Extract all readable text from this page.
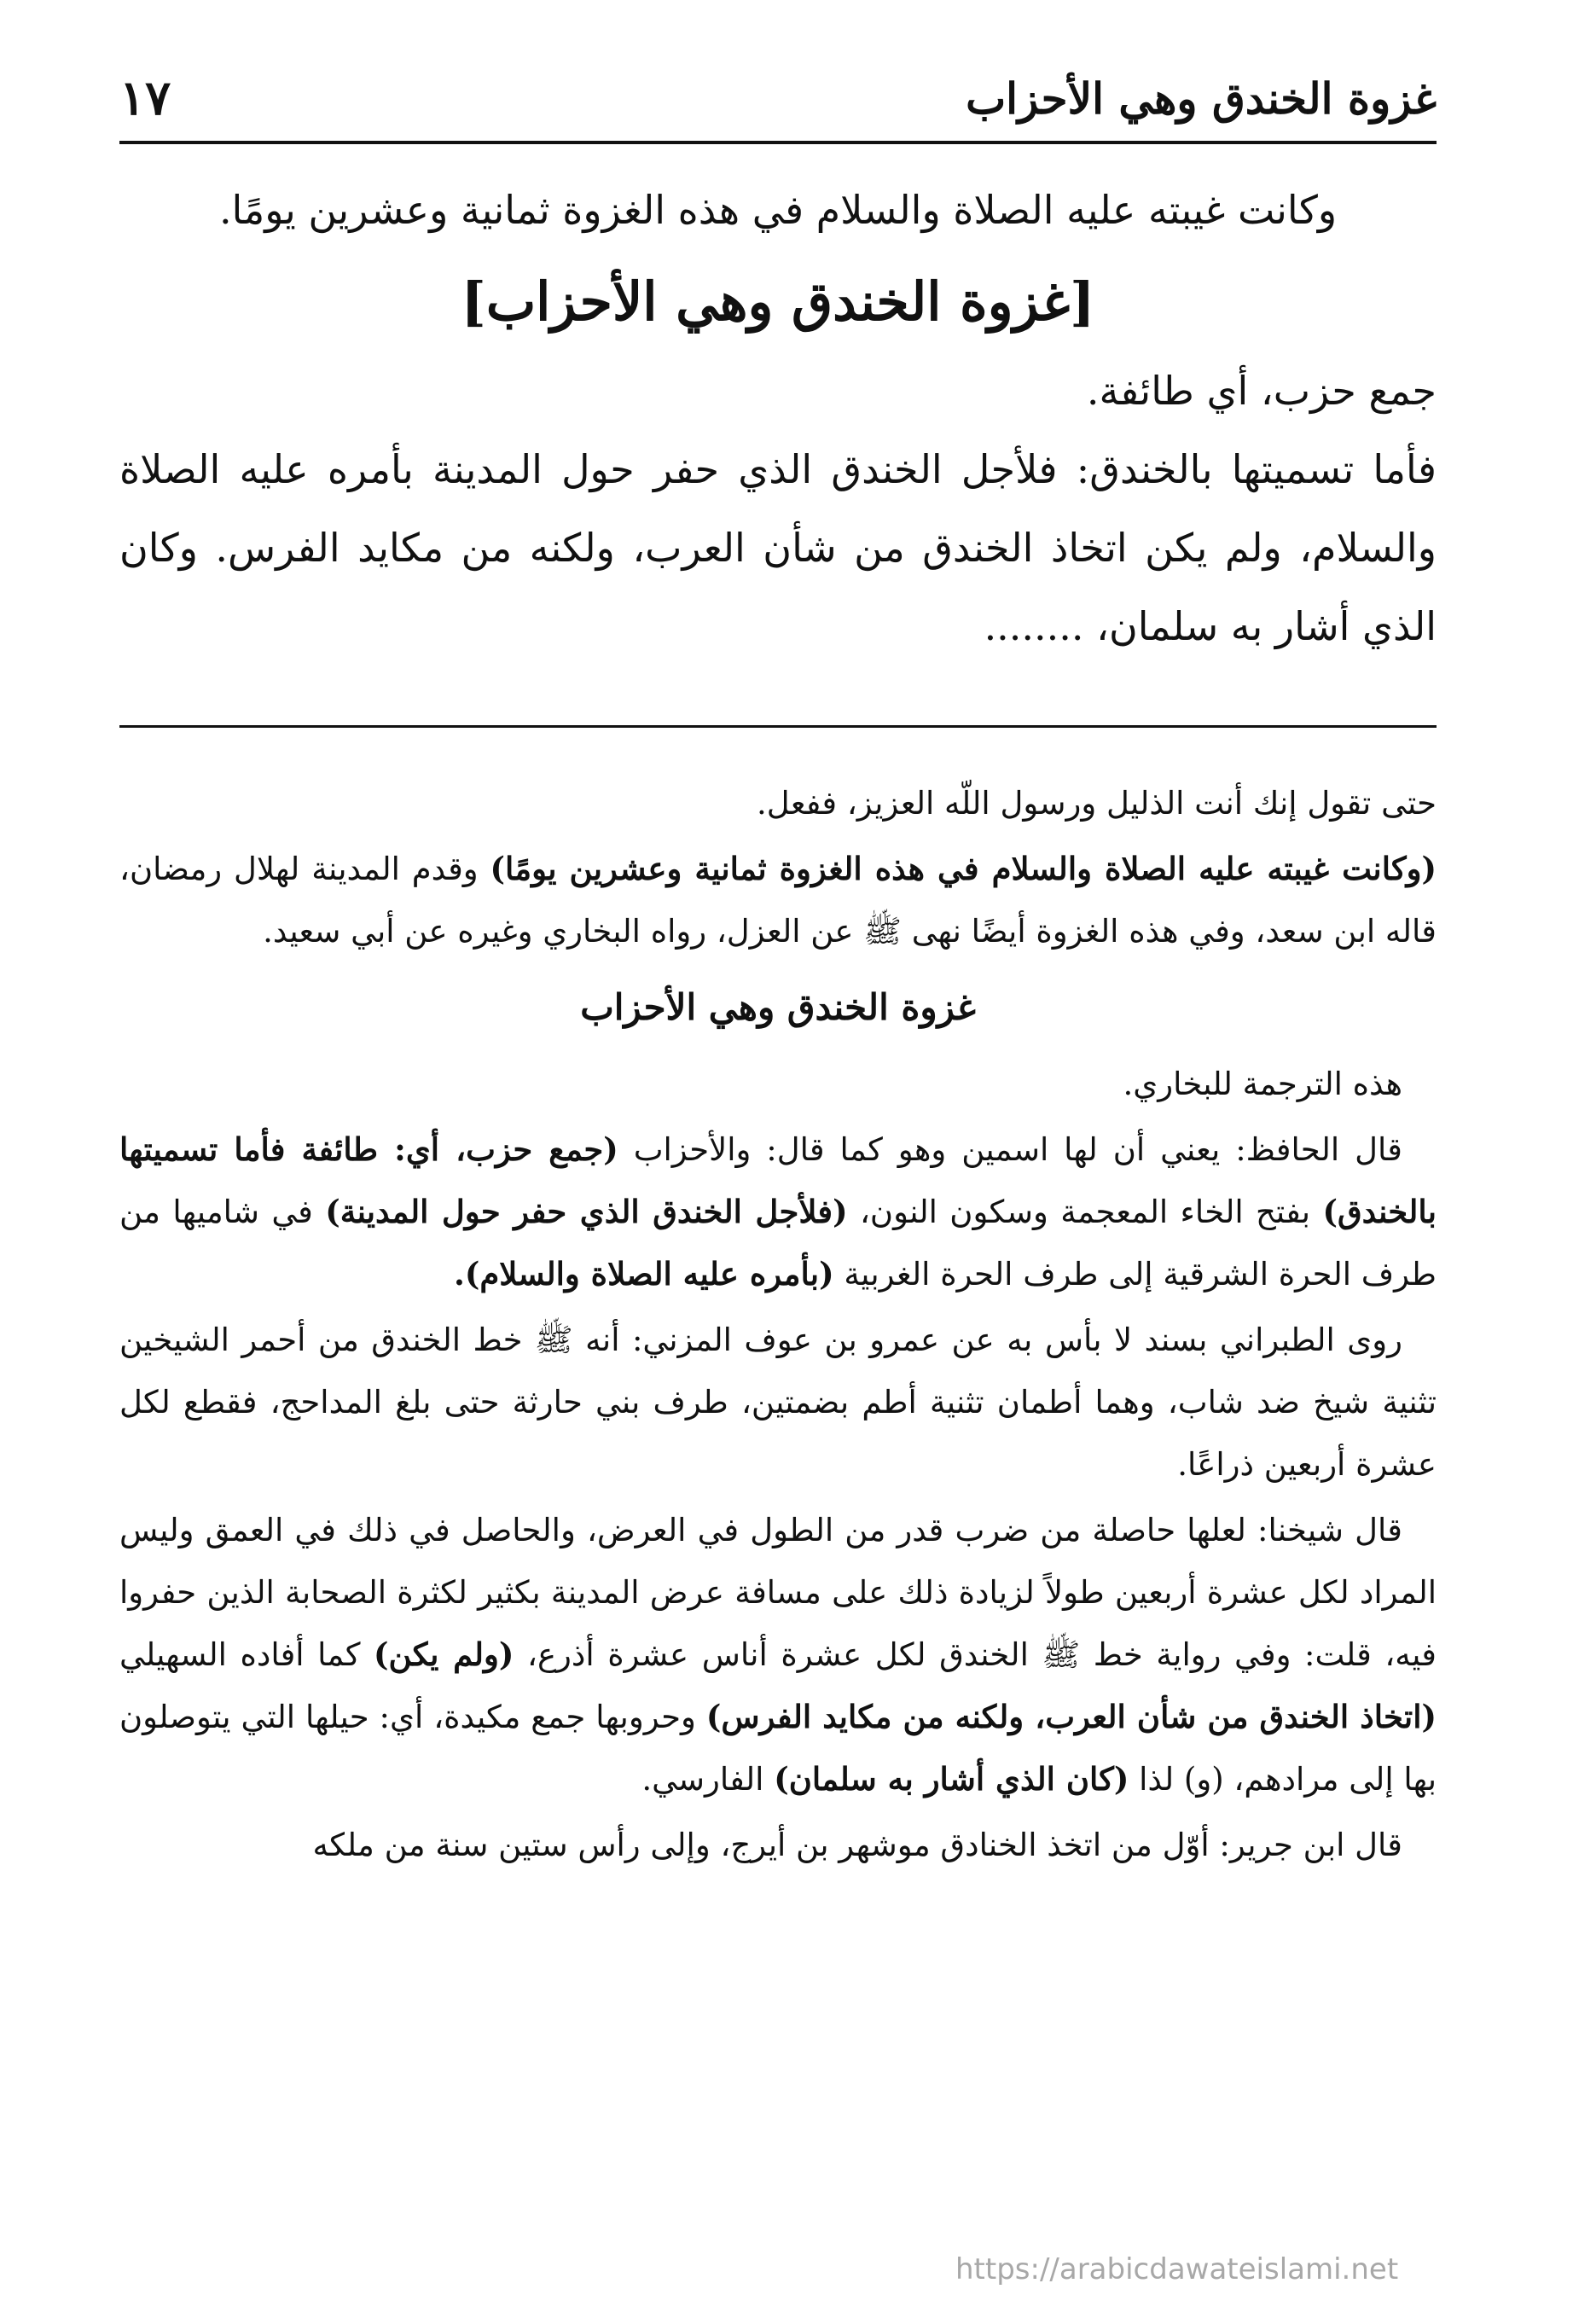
١٧	غزوة الخندق وهي الأحزاب

وكانت غيبته عليه الصلاة والسلام في هذه الغزوة ثمانية وعشرين يومًا.

[غزوة الخندق وهي الأحزاب]

جمع حزب، أي طائفة.

فأما تسميتها بالخندق: فلأجل الخندق الذي حفر حول المدينة بأمره عليه الصلاة والسلام، ولم يكن اتخاذ الخندق من شأن العرب، ولكنه من مكايد الفرس. وكان الذي أشار به سلمان، ........

حتى تقول إنك أنت الذليل ورسول اللّه العزيز، ففعل.

(وكانت غيبته عليه الصلاة والسلام في هذه الغزوة ثمانية وعشرين يومًا) وقدم المدينة لهلال رمضان، قاله ابن سعد، وفي هذه الغزوة أيضًا نهى ﷺ عن العزل، رواه البخاري وغيره عن أبي سعيد.

غزوة الخندق وهي الأحزاب

هذه الترجمة للبخاري.

قال الحافظ: يعني أن لها اسمين وهو كما قال: والأحزاب (جمع حزب، أي: طائفة فأما تسميتها بالخندق) بفتح الخاء المعجمة وسكون النون، (فلأجل الخندق الذي حفر حول المدينة) في شاميها من طرف الحرة الشرقية إلى طرف الحرة الغربية (بأمره عليه الصلاة والسلام).

روى الطبراني بسند لا بأس به عن عمرو بن عوف المزني: أنه ﷺ خط الخندق من أحمر الشيخين تثنية شيخ ضد شاب، وهما أطمان تثنية أطم بضمتين، طرف بني حارثة حتى بلغ المداحج، فقطع لكل عشرة أربعين ذراعًا.

قال شيخنا: لعلها حاصلة من ضرب قدر من الطول في العرض، والحاصل في ذلك في العمق وليس المراد لكل عشرة أربعين طولاً لزيادة ذلك على مسافة عرض المدينة بكثير لكثرة الصحابة الذين حفروا فيه، قلت: وفي رواية خط ﷺ الخندق لكل عشرة أناس عشرة أذرع، (ولم يكن) كما أفاده السهيلي (اتخاذ الخندق من شأن العرب، ولكنه من مكايد الفرس) وحروبها جمع مكيدة، أي: حيلها التي يتوصلون بها إلى مرادهم، (و) لذا (كان الذي أشار به سلمان) الفارسي.

قال ابن جرير: أوّل من اتخذ الخنادق موشهر بن أيرج، وإلى رأس ستين سنة من ملكه

https://arabicdawateislami.net
